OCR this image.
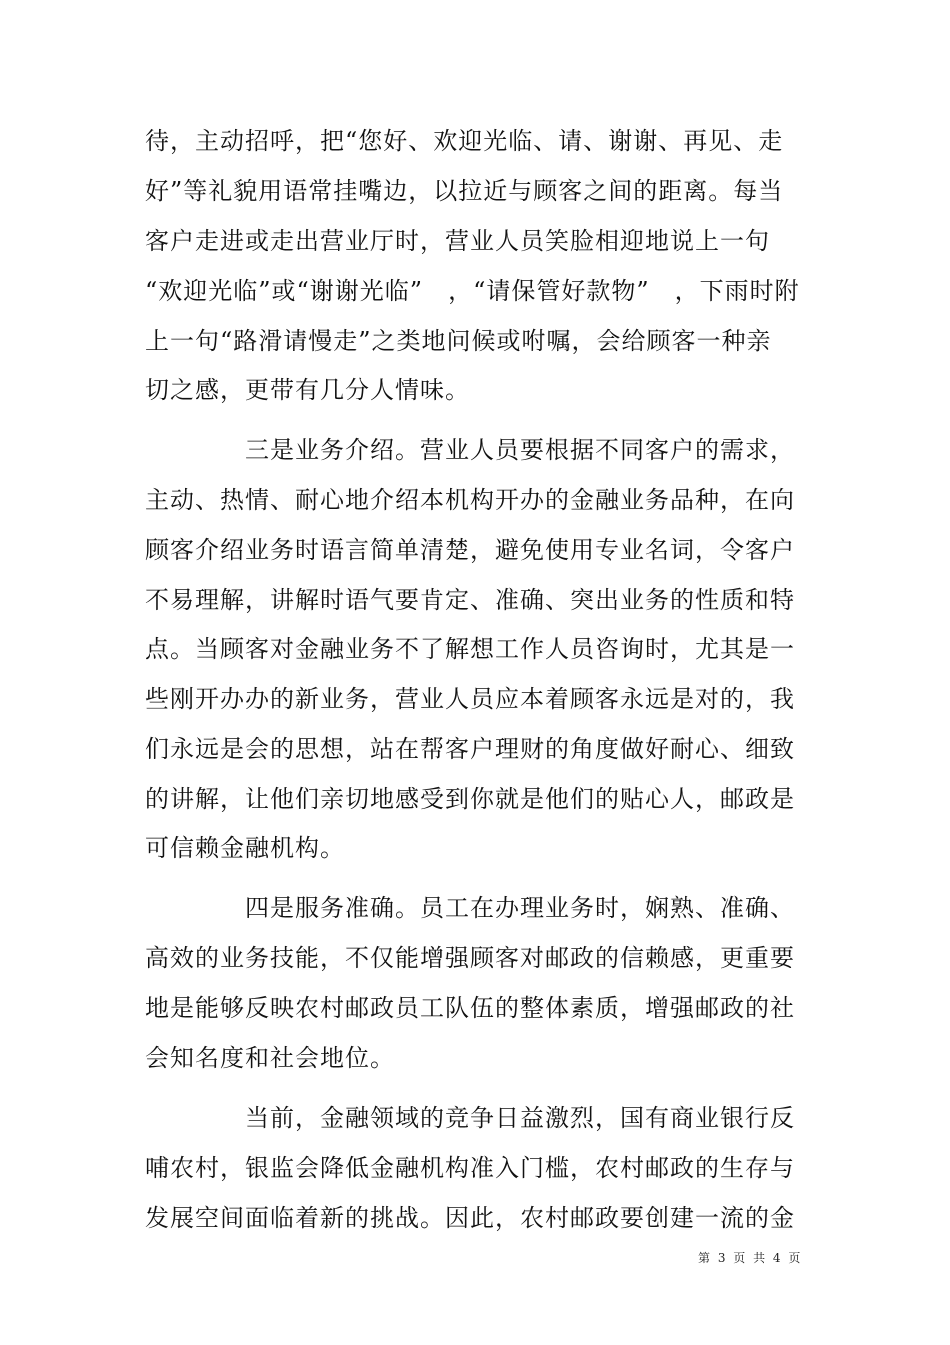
待，主动招呼，把“您好、欢迎光临、请、谢谢、再见、走
好”等礼貌用语常挂嘴边，以拉近与顾客之间的距离。每当
客户走进或走出营业厅时，营业人员笑脸相迎地说上一句
“欢迎光临”或“谢谢光临”　，“请保管好款物”　，下雨时附
上一句“路滑请慢走”之类地问候或咐嘱，会给顾客一种亲
切之感，更带有几分人情味。
三是业务介绍。营业人员要根据不同客户的需求，
主动、热情、耐心地介绍本机构开办的金融业务品种，在向
顾客介绍业务时语言简单清楚，避免使用专业名词，令客户
不易理解，讲解时语气要肯定、准确、突出业务的性质和特
点。当顾客对金融业务不了解想工作人员咨询时，尤其是一
些刚开办办的新业务，营业人员应本着顾客永远是对的，我
们永远是会的思想，站在帮客户理财的角度做好耐心、细致
的讲解，让他们亲切地感受到你就是他们的贴心人，邮政是
可信赖金融机构。
四是服务准确。员工在办理业务时，娴熟、准确、
高效的业务技能，不仅能增强顾客对邮政的信赖感，更重要
地是能够反映农村邮政员工队伍的整体素质，增强邮政的社
会知名度和社会地位。
当前，金融领域的竞争日益激烈，国有商业银行反
哺农村，银监会降低金融机构准入门槛，农村邮政的生存与
发展空间面临着新的挑战。因此，农村邮政要创建一流的金
第 3 页 共 4 页
